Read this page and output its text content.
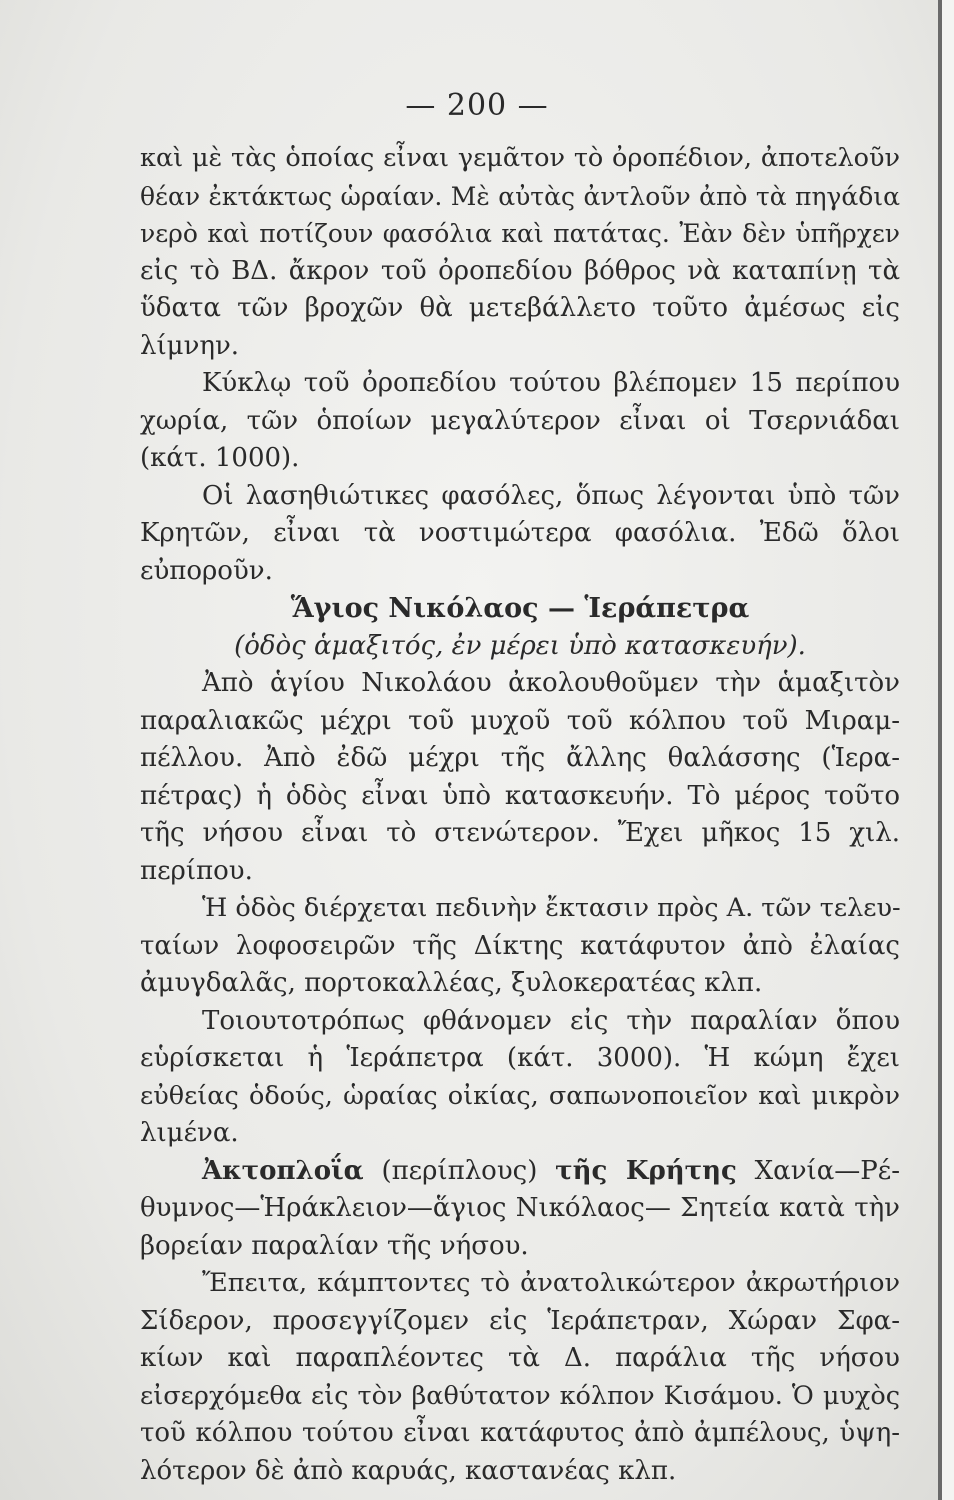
— 200 —
καὶ μὲ τὰς ὁποίας εἶναι γεμᾶτον τὸ ὀροπέδιον, ἀποτελοῦν
θέαν ἐκτάκτως ὡραίαν. Μὲ αὐτὰς ἀντλοῦν ἀπὸ τὰ πηγάδια
νερὸ καὶ ποτίζουν φασόλια καὶ πατάτας. Ἐὰν δὲν ὑπῆρχεν
εἰς τὸ ΒΔ. ἄκρον τοῦ ὀροπεδίου βόθρος νὰ καταπίνῃ τὰ
ὕδατα τῶν βροχῶν θὰ μετεβάλλετο τοῦτο ἀμέσως εἰς
λίμνην.
Κύκλῳ τοῦ ὀροπεδίου τούτου βλέπομεν 15 περίπου
χωρία, τῶν ὁποίων μεγαλύτερον εἶναι οἱ Τσερνιάδαι
(κάτ. 1000).
Οἱ λασηθιώτικες φασόλες, ὅπως λέγονται ὑπὸ τῶν
Κρητῶν, εἶναι τὰ νοστιμώτερα φασόλια. Ἐδῶ ὅλοι
εὐποροῦν.
Ἅγιος Νικόλαος — Ἱεράπετρα
(ὁδὸς ἁμαξιτός, ἐν μέρει ὑπὸ κατασκευήν).
Ἀπὸ ἁγίου Νικολάου ἀκολουθοῦμεν τὴν ἁμαξιτὸν
παραλιακῶς μέχρι τοῦ μυχοῦ τοῦ κόλπου τοῦ Μιραμ-
πέλλου. Ἀπὸ ἐδῶ μέχρι τῆς ἄλλης θαλάσσης (Ἱερα-
πέτρας) ἡ ὁδὸς εἶναι ὑπὸ κατασκευήν. Τὸ μέρος τοῦτο
τῆς νήσου εἶναι τὸ στενώτερον. Ἔχει μῆκος 15 χιλ.
περίπου.
Ἡ ὁδὸς διέρχεται πεδινὴν ἔκτασιν πρὸς Α. τῶν τελευ-
ταίων λοφοσειρῶν τῆς Δίκτης κατάφυτον ἀπὸ ἐλαίας
ἀμυγδαλᾶς, πορτοκαλλέας, ξυλοκερατέας κλπ.
Τοιουτοτρόπως φθάνομεν εἰς τὴν παραλίαν ὅπου
εὑρίσκεται ἡ Ἱεράπετρα (κάτ. 3000). Ἡ κώμη ἔχει
εὐθείας ὁδούς, ὡραίας οἰκίας, σαπωνοποιεῖον καὶ μικρὸν
λιμένα.
Ἀκτοπλοΐα (περίπλους) τῆς Κρήτης Χανία—Ρέ-
θυμνος—Ἡράκλειον—ἅγιος Νικόλαος— Σητεία κατὰ τὴν
βορείαν παραλίαν τῆς νήσου.
Ἔπειτα, κάμπτοντες τὸ ἀνατολικώτερον ἀκρωτήριον
Σίδερον, προσεγγίζομεν εἰς Ἱεράπετραν, Χώραν Σφα-
κίων καὶ παραπλέοντες τὰ Δ. παράλια τῆς νήσου
εἰσερχόμεθα εἰς τὸν βαθύτατον κόλπον Κισάμου. Ὁ μυχὸς
τοῦ κόλπου τούτου εἶναι κατάφυτος ἀπὸ ἀμπέλους, ὑψη-
λότερον δὲ ἀπὸ καρυάς, καστανέας κλπ.
